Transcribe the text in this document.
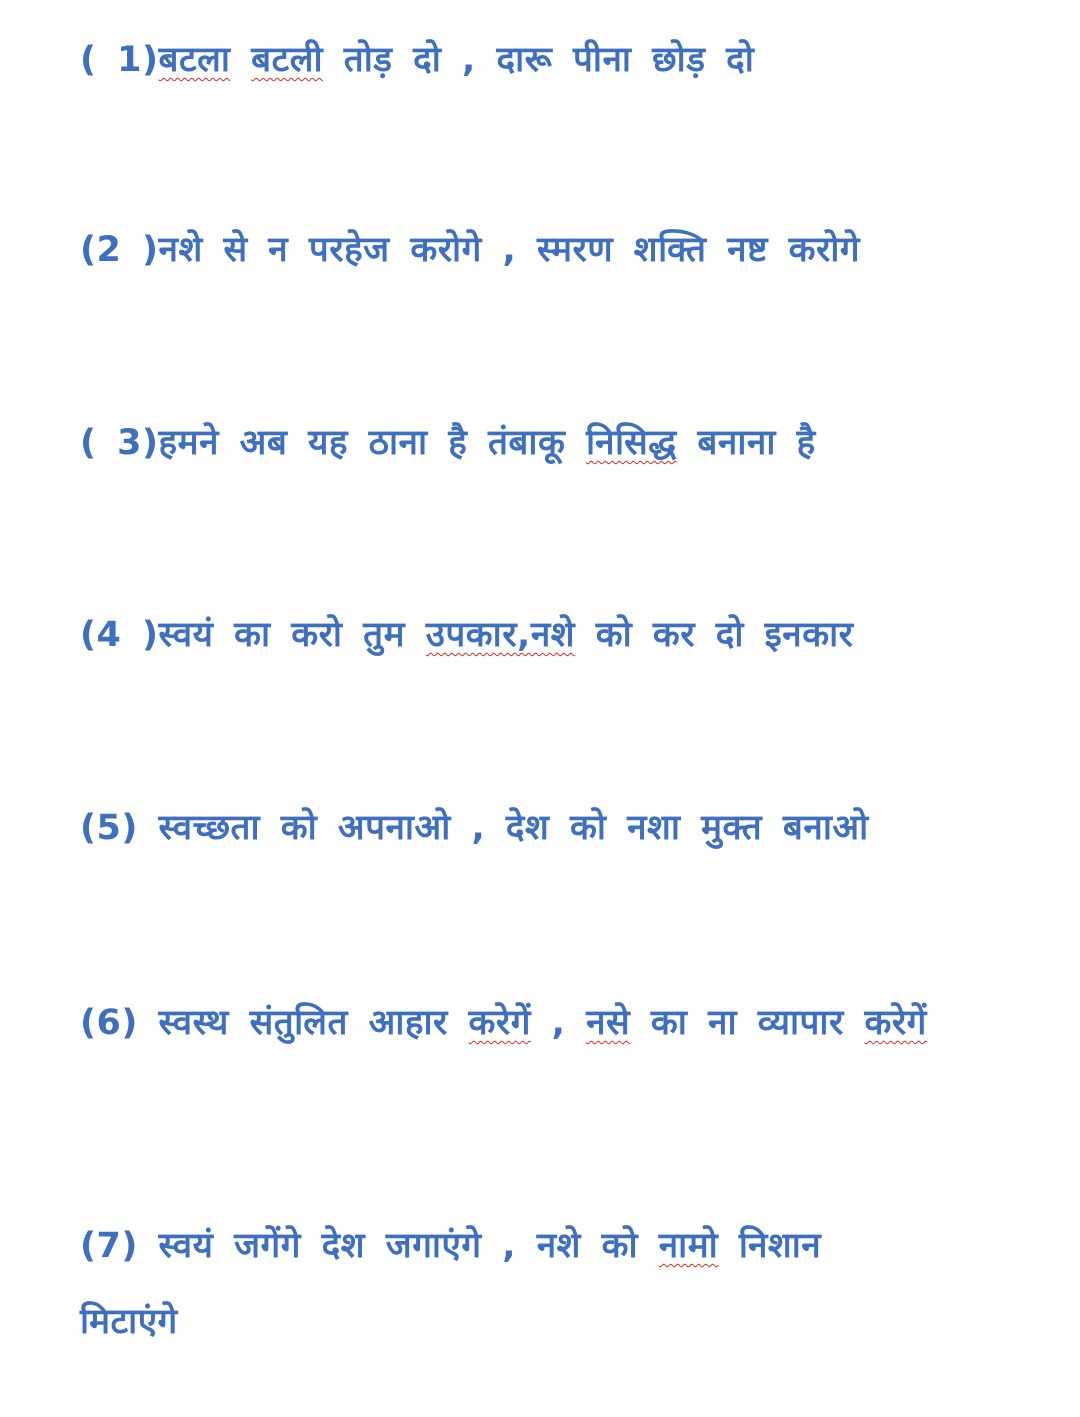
( 1)बटला बटली तोड़ दो , दारू पीना छोड़ दो

(2 )नशे से न परहेज करोगे , स्मरण शक्ति नष्ट करोगे

( 3)हमने अब यह ठाना है तंबाकू निसिद्ध बनाना है

(4 )स्वयं का करो तुम उपकार,नशे को कर दो इनकार

(5) स्वच्छता को अपनाओ , देश को नशा मुक्त बनाओ

(6) स्वस्थ संतुलित आहार करेगें , नसे का ना व्यापार करेगें

(7) स्वयं जगेंगे देश जगाएंगे , नशे को नामो निशान

मिटाएंगे
